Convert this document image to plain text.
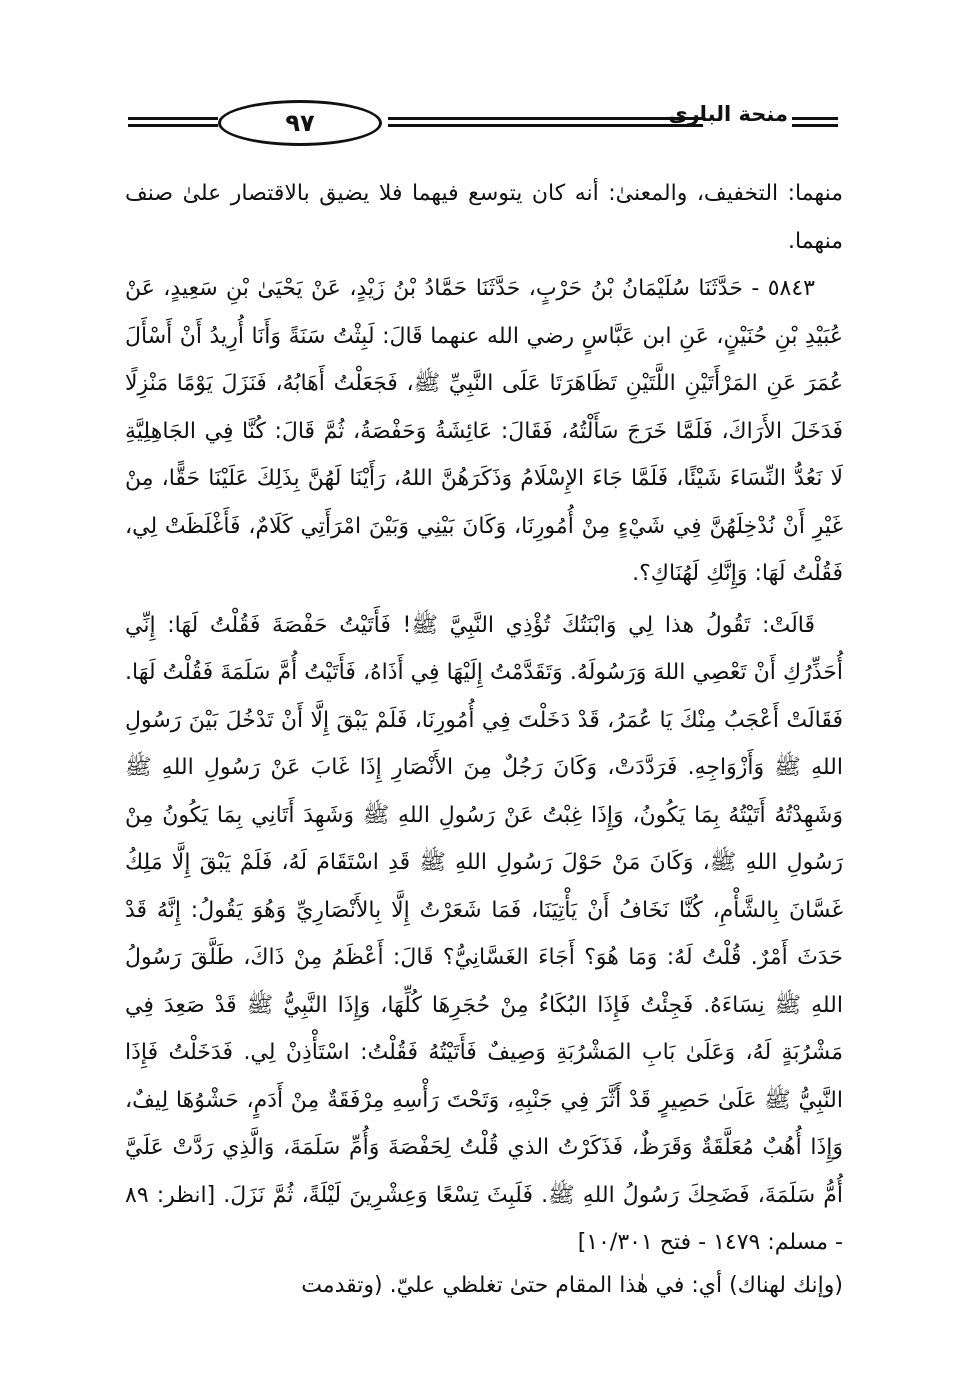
٩٧	منحة الباري

منهما: التخفيف، والمعنىٰ: أنه كان يتوسع فيهما فلا يضيق بالاقتصار علىٰ صنف منهما.

٥٨٤٣ - حَدَّثَنَا سُلَيْمَانُ بْنُ حَرْبٍ، حَدَّثَنَا حَمَّادُ بْنُ زَيْدٍ، عَنْ يَحْيَىٰ بْنِ سَعِيدٍ، عَنْ عُبَيْدِ بْنِ حُنَيْنٍ، عَنِ ابن عَبَّاسٍ رضي الله عنهما قَالَ: لَبِثْتُ سَنَةً وَأَنَا أُرِيدُ أَنْ أَسْأَلَ عُمَرَ عَنِ المَرْأَتَيْنِ اللَّتَيْنِ تَظَاهَرَتَا عَلَى النَّبِيِّ ﷺ، فَجَعَلْتُ أَهَابُهُ، فَنَزَلَ يَوْمًا مَنْزِلًا فَدَخَلَ الأَرَاكَ، فَلَمَّا خَرَجَ سَأَلْتُهُ، فَقَالَ: عَائِشَةُ وَحَفْصَةُ، ثُمَّ قَالَ: كُنَّا فِي الجَاهِلِيَّةِ لَا نَعُدُّ النِّسَاءَ شَيْئًا، فَلَمَّا جَاءَ الإِسْلَامُ وَذَكَرَهُنَّ اللهُ، رَأَيْنَا لَهُنَّ بِذَلِكَ عَلَيْنَا حَقًّا، مِنْ غَيْرِ أَنْ نُدْخِلَهُنَّ فِي شَيْءٍ مِنْ أُمُورِنَا، وَكَانَ بَيْنِي وَبَيْنَ امْرَأَتِي كَلَامٌ، فَأَغْلَظَتْ لِي، فَقُلْتُ لَهَا: وَإِنَّكِ لَهُنَاكِ؟.

قَالَتْ: تَقُولُ هذا لِي وَابْنَتُكَ تُؤْذِي النَّبِيَّ ﷺ! فَأَتَيْتُ حَفْصَةَ فَقُلْتُ لَهَا: إِنِّي أُحَذِّرُكِ أَنْ تَعْصِي اللهَ وَرَسُولَهُ. وَتَقَدَّمْتُ إِلَيْهَا فِي أَذَاهُ، فَأَتَيْتُ أُمَّ سَلَمَةَ فَقُلْتُ لَهَا. فَقَالَتْ أَعْجَبُ مِنْكَ يَا عُمَرُ، قَدْ دَخَلْتَ فِي أُمُورِنَا، فَلَمْ يَبْقَ إِلَّا أَنْ تَدْخُلَ بَيْنَ رَسُولِ اللهِ ﷺ وَأَزْوَاجِهِ. فَرَدَّدَتْ، وَكَانَ رَجُلٌ مِنَ الأَنْصَارِ إِذَا غَابَ عَنْ رَسُولِ اللهِ ﷺ وَشَهِدْتُهُ أَتَيْتُهُ بِمَا يَكُونُ، وَإِذَا غِبْتُ عَنْ رَسُولِ اللهِ ﷺ وَشَهِدَ أَتَانِي بِمَا يَكُونُ مِنْ رَسُولِ اللهِ ﷺ، وَكَانَ مَنْ حَوْلَ رَسُولِ اللهِ ﷺ قَدِ اسْتَقَامَ لَهُ، فَلَمْ يَبْقَ إِلَّا مَلِكُ غَسَّانَ بِالشَّأْمِ، كُنَّا نَخَافُ أَنْ يَأْتِيَنَا، فَمَا شَعَرْتُ إِلَّا بِالأَنْصَارِيِّ وَهُوَ يَقُولُ: إِنَّهُ قَدْ حَدَثَ أَمْرٌ. قُلْتُ لَهُ: وَمَا هُوَ؟ أَجَاءَ الغَسَّانِيُّ؟ قَالَ: أَعْظَمُ مِنْ ذَاكَ، طَلَّقَ رَسُولُ اللهِ ﷺ نِسَاءَهُ. فَجِئْتُ فَإِذَا البُكَاءُ مِنْ حُجَرِهَا كُلِّهَا، وَإِذَا النَّبِيُّ ﷺ قَدْ صَعِدَ فِي مَشْرُبَةٍ لَهُ، وَعَلَىٰ بَابِ المَشْرُبَةِ وَصِيفٌ فَأَتَيْتُهُ فَقُلْتُ: اسْتَأْذِنْ لِي. فَدَخَلْتُ فَإِذَا النَّبِيُّ ﷺ عَلَىٰ حَصِيرٍ قَدْ أَثَّرَ فِي جَنْبِهِ، وَتَحْتَ رَأْسِهِ مِرْفَقَةٌ مِنْ أَدَمٍ، حَشْوُهَا لِيفٌ، وَإِذَا أُهُبٌ مُعَلَّقَةٌ وَقَرَظٌ، فَذَكَرْتُ الذي قُلْتُ لِحَفْصَةَ وَأُمِّ سَلَمَةَ، وَالَّذِي رَدَّتْ عَلَيَّ أُمُّ سَلَمَةَ، فَضَحِكَ رَسُولُ اللهِ ﷺ. فَلَبِثَ تِسْعًا وَعِشْرِينَ لَيْلَةً، ثُمَّ نَزَلَ. [انظر: ٨٩ - مسلم: ١٤٧٩ - فتح ١٠/٣٠١]

(وإنك لهناك) أي: في هٰذا المقام حتىٰ تغلظي عليّ. (وتقدمت
